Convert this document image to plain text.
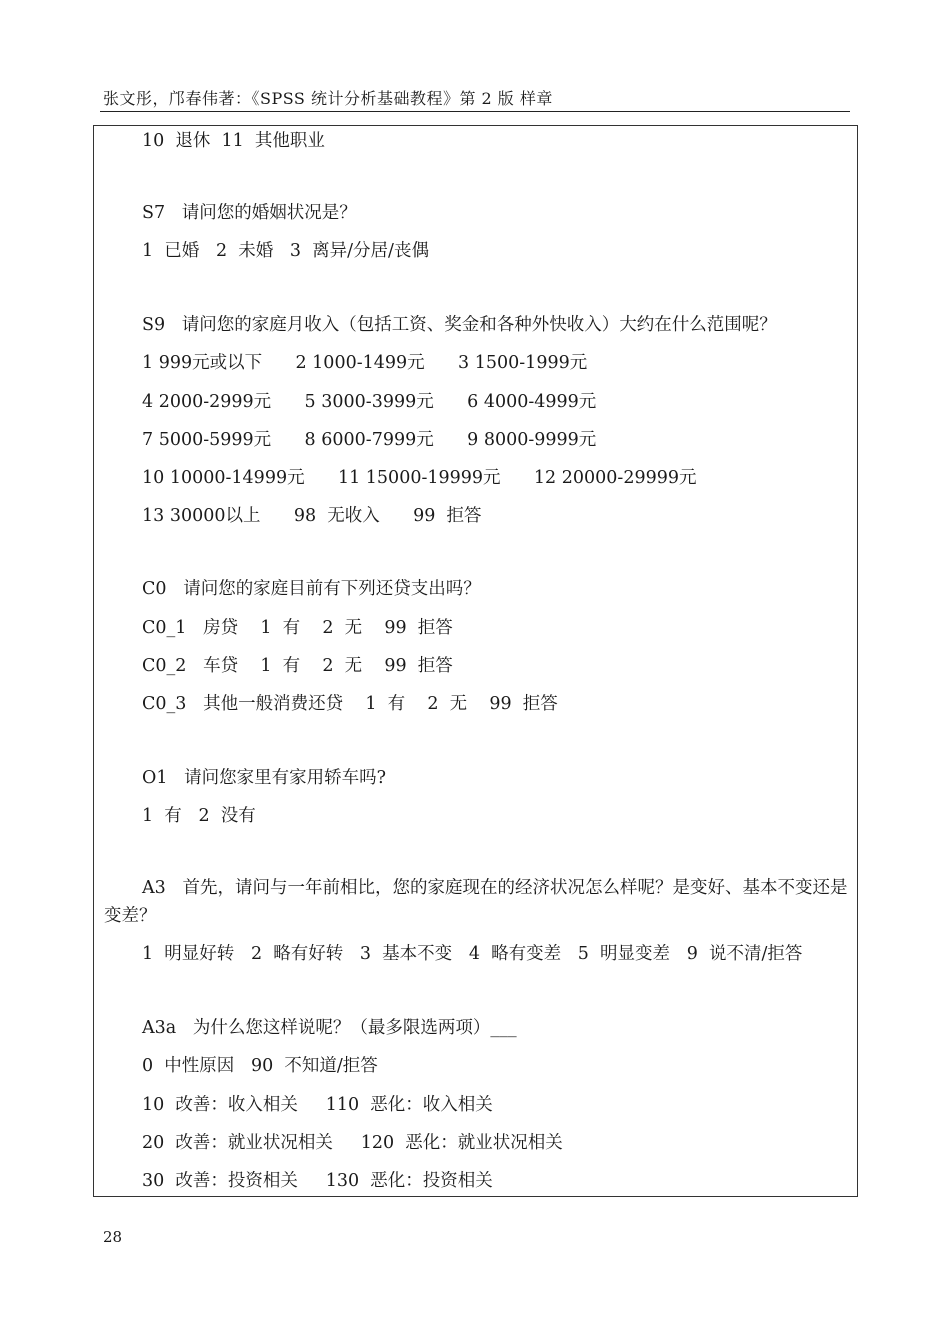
张文彤，邝春伟著：《SPSS 统计分析基础教程》第 2 版 样章
10  退休  11  其他职业
S7   请问您的婚姻状况是？
1  已婚   2  未婚   3  离异/分居/丧偶
S9   请问您的家庭月收入（包括工资、奖金和各种外快收入）大约在什么范围呢？
1 999元或以下      2 1000-1499元      3 1500-1999元
4 2000-2999元      5 3000-3999元      6 4000-4999元
7 5000-5999元      8 6000-7999元      9 8000-9999元
10 10000-14999元      11 15000-19999元      12 20000-29999元
13 30000以上      98  无收入      99  拒答
C0   请问您的家庭目前有下列还贷支出吗？
C0_1   房贷    1  有    2  无    99  拒答
C0_2   车贷    1  有    2  无    99  拒答
C0_3   其他一般消费还贷    1  有    2  无    99  拒答
O1   请问您家里有家用轿车吗?
1  有   2  没有
A3   首先，请问与一年前相比，您的家庭现在的经济状况怎么样呢？是变好、基本不变还是变差？
1  明显好转   2  略有好转   3  基本不变   4  略有变差   5  明显变差   9  说不清/拒答
A3a   为什么您这样说呢？（最多限选两项）___
0  中性原因   90  不知道/拒答
10  改善：收入相关     110  恶化：收入相关
20  改善：就业状况相关     120  恶化：就业状况相关
30  改善：投资相关     130  恶化：投资相关
28
